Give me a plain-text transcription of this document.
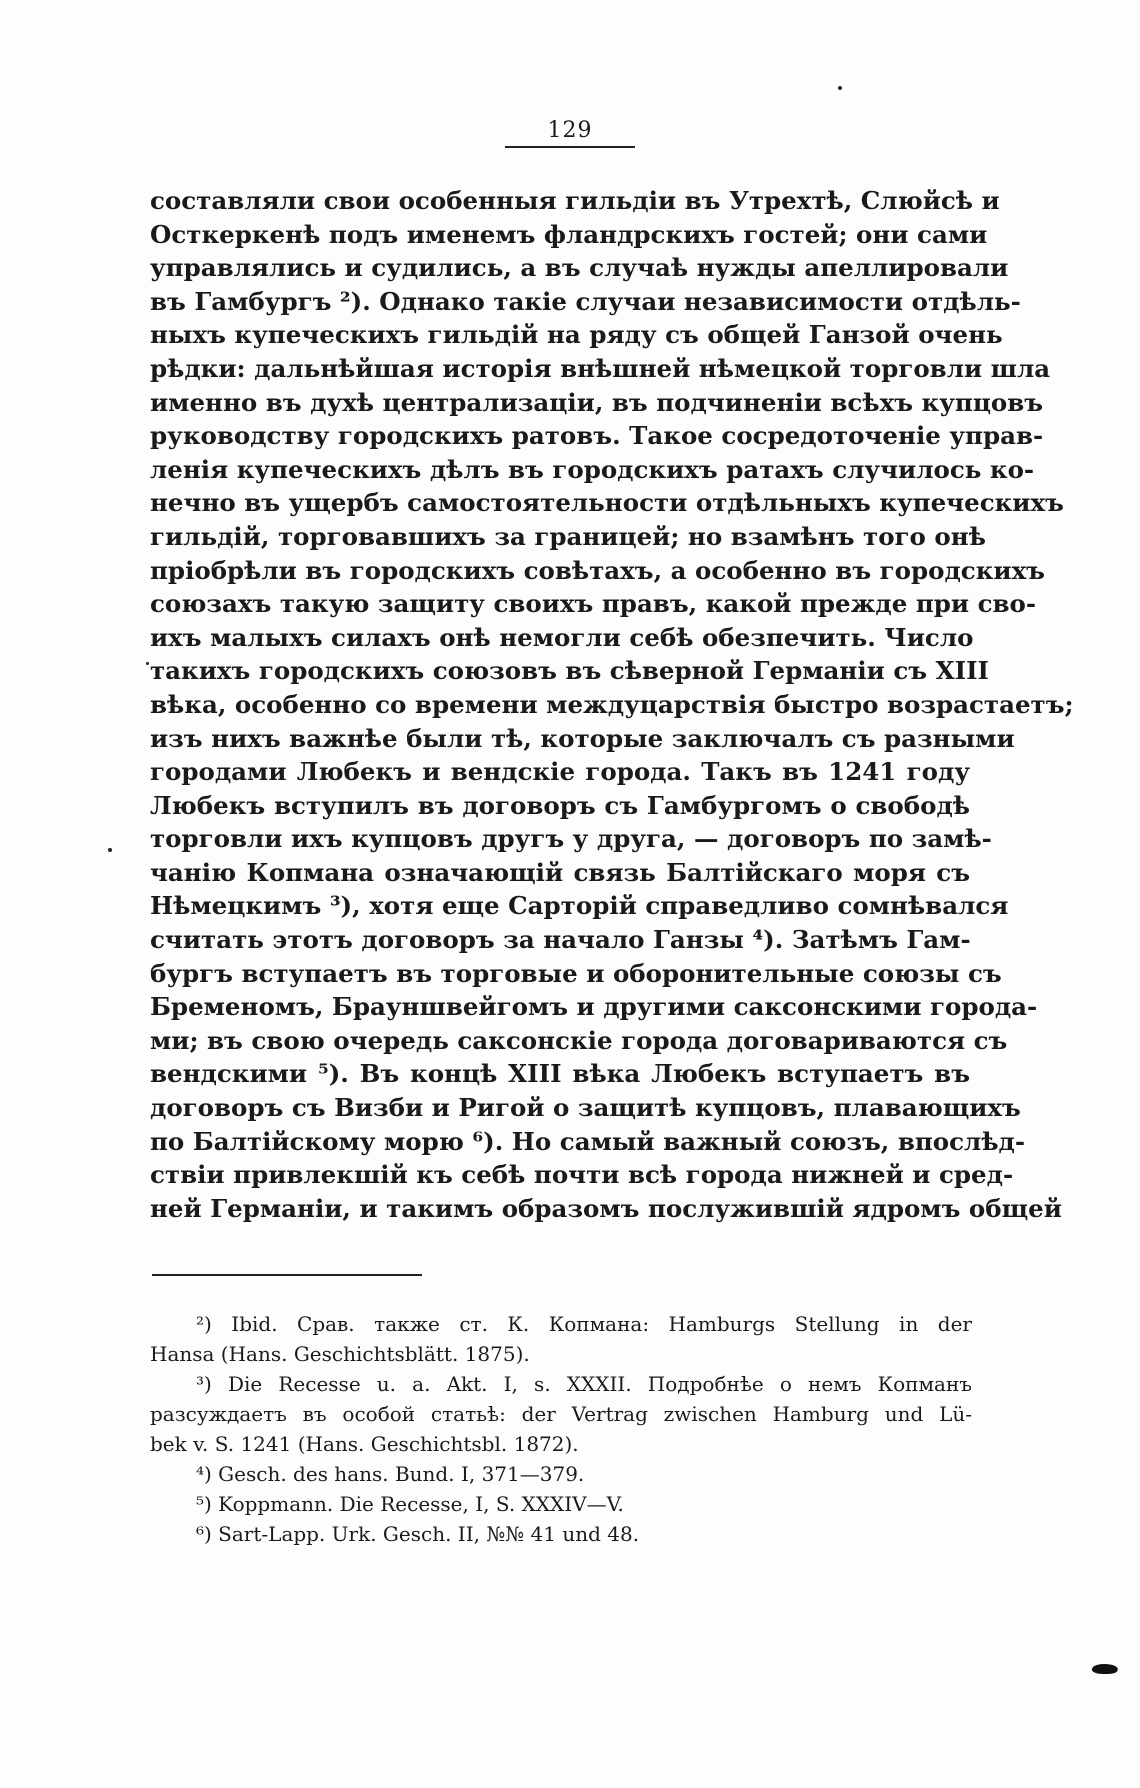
129
составляли свои особенныя гильдіи въ Утрехтѣ, Слюйсѣ и
Осткеркенѣ подъ именемъ фландрскихъ гостей; они сами
управлялись и судились, а въ случаѣ нужды апеллировали
въ Гамбургъ ²). Однако такіе случаи независимости отдѣль-
ныхъ купеческихъ гильдій на ряду съ общей Ганзой очень
рѣдки: дальнѣйшая исторія внѣшней нѣмецкой торговли шла
именно въ духѣ централизаціи, въ подчиненіи всѣхъ купцовъ
руководству городскихъ ратовъ. Такое сосредоточеніе управ-
ленія купеческихъ дѣлъ въ городскихъ ратахъ случилось ко-
нечно въ ущербъ самостоятельности отдѣльныхъ купеческихъ
гильдій, торговавшихъ за границей; но взамѣнъ того онѣ
пріобрѣли въ городскихъ совѣтахъ, а особенно въ городскихъ
союзахъ такую защиту своихъ правъ, какой прежде при сво-
ихъ малыхъ силахъ онѣ немогли себѣ обезпечить. Число
такихъ городскихъ союзовъ въ сѣверной Германіи съ XIII
вѣка, особенно со времени междуцарствія быстро возрастаетъ;
изъ нихъ важнѣе были тѣ, которые заключалъ съ разными
городами Любекъ и вендскіе города. Такъ въ 1241 году
Любекъ вступилъ въ договоръ съ Гамбургомъ о свободѣ
торговли ихъ купцовъ другъ у друга, — договоръ по замѣ-
чанію Копмана означающій связь Балтійскаго моря съ
Нѣмецкимъ ³), хотя еще Сарторій справедливо сомнѣвался
считать этотъ договоръ за начало Ганзы ⁴). Затѣмъ Гам-
бургъ вступаетъ въ торговые и оборонительные союзы съ
Бременомъ, Брауншвейгомъ и другими саксонскими города-
ми; въ свою очередь саксонскіе города договариваются съ
вендскими ⁵). Въ концѣ XIII вѣка Любекъ вступаетъ въ
договоръ съ Визби и Ригой о защитѣ купцовъ, плавающихъ
по Балтійскому морю ⁶). Но самый важный союзъ, впослѣд-
ствіи привлекшій къ себѣ почти всѣ города нижней и сред-
ней Германіи, и такимъ образомъ послужившій ядромъ общей
²) Ibid. Срав. также ст. К. Копмана: Hamburgs Stellung in der
Hansa (Hans. Geschichtsblätt. 1875).
³) Die Recesse u. a. Akt. I, s. XXXII. Подробнѣе о немъ Копманъ
разсуждаетъ въ особой статьѣ: der Vertrag zwischen Hamburg und Lü-
bek v. S. 1241 (Hans. Geschichtsbl. 1872).
⁴) Gesch. des hans. Bund. I, 371—379.
⁵) Koppmann. Die Recesse, I, S. XXXIV—V.
⁶) Sart-Lapp. Urk. Gesch. II, №№ 41 und 48.
